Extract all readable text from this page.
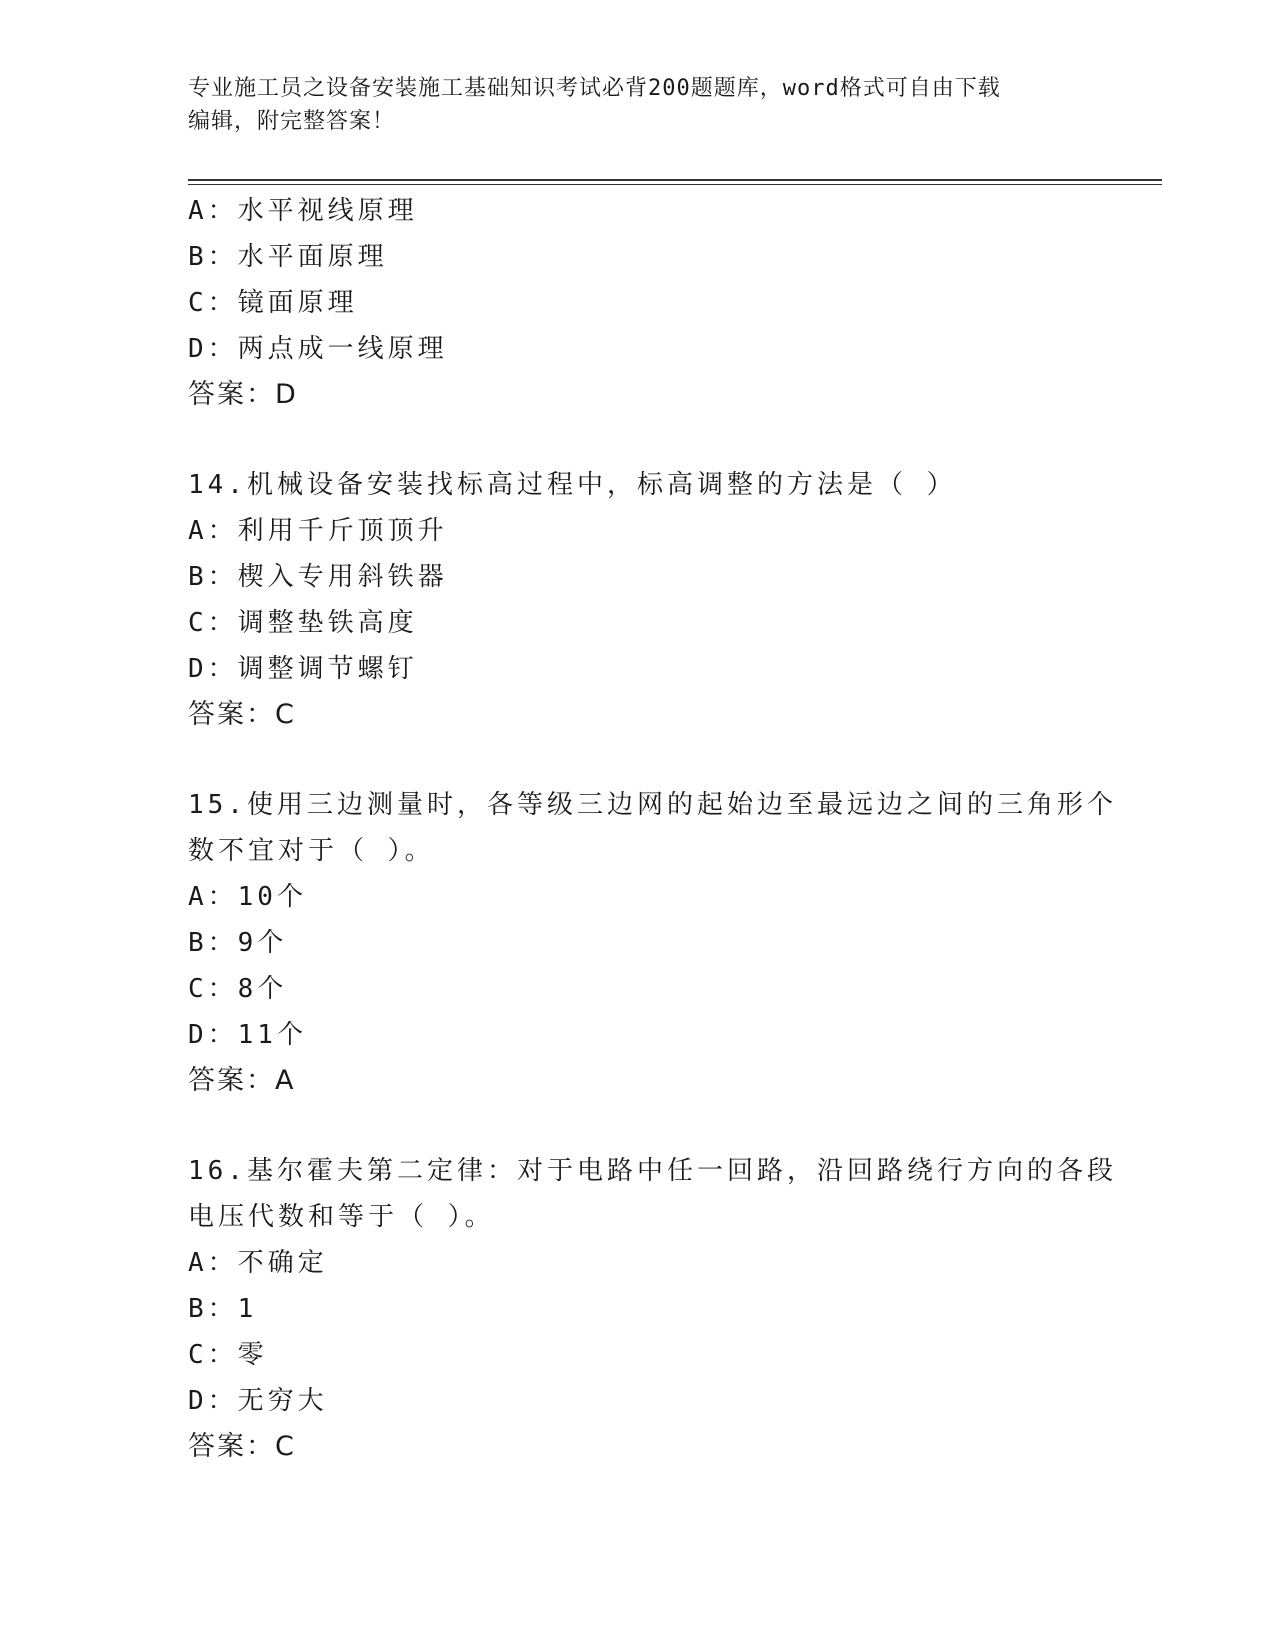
专业施工员之设备安装施工基础知识考试必背200题题库，word格式可自由下载
编辑，附完整答案！
A：水平视线原理
B：水平面原理
C：镜面原理
D：两点成一线原理
答案：D
14.机械设备安装找标高过程中，标高调整的方法是（ ）
A：利用千斤顶顶升
B：楔入专用斜铁器
C：调整垫铁高度
D：调整调节螺钉
答案：C
15.使用三边测量时，各等级三边网的起始边至最远边之间的三角形个
数不宜对于（ ）。
A：10个
B：9个
C：8个
D：11个
答案：A
16.基尔霍夫第二定律：对于电路中任一回路，沿回路绕行方向的各段
电压代数和等于（ ）。
A：不确定
B：1
C：零
D：无穷大
答案：C
